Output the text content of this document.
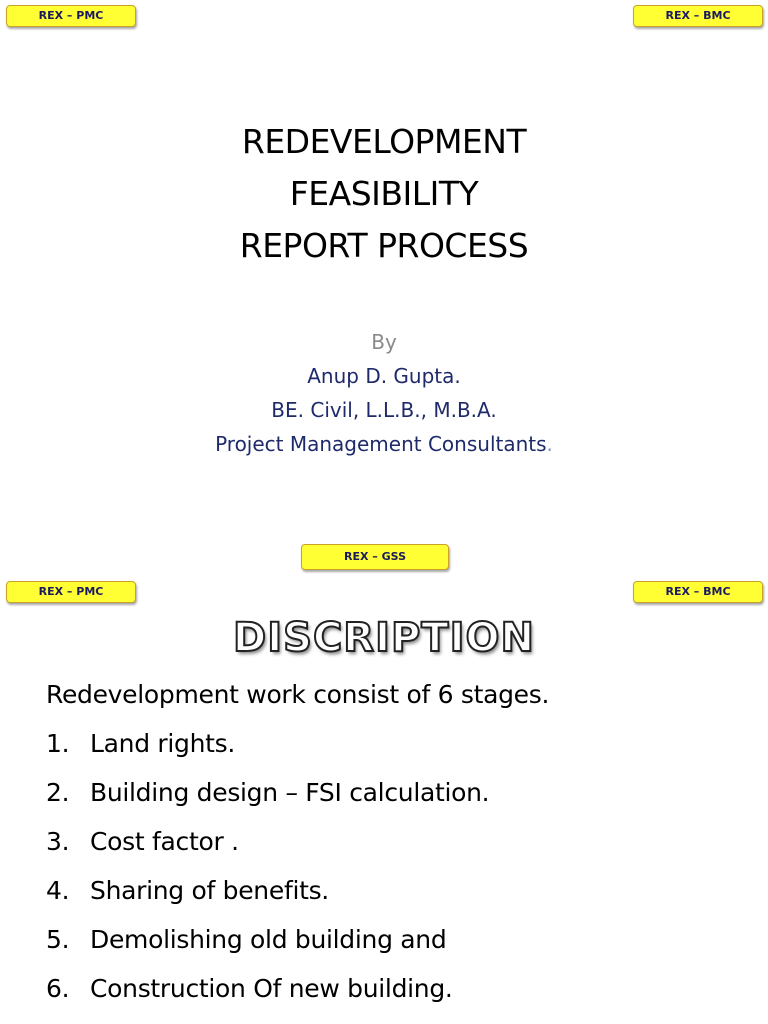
REX – PMC	REX – BMC
REDEVELOPMENT
FEASIBILITY
REPORT PROCESS
By
Anup D. Gupta.
BE. Civil, L.L.B., M.B.A.
Project Management Consultants.
REX – GSS
REX – PMC	REX – BMC
DISCRIPTION
Redevelopment work consist of 6 stages.
1. Land rights.
2. Building design – FSI calculation.
3. Cost factor .
4. Sharing of benefits.
5. Demolishing old building and
6. Construction Of new building.
